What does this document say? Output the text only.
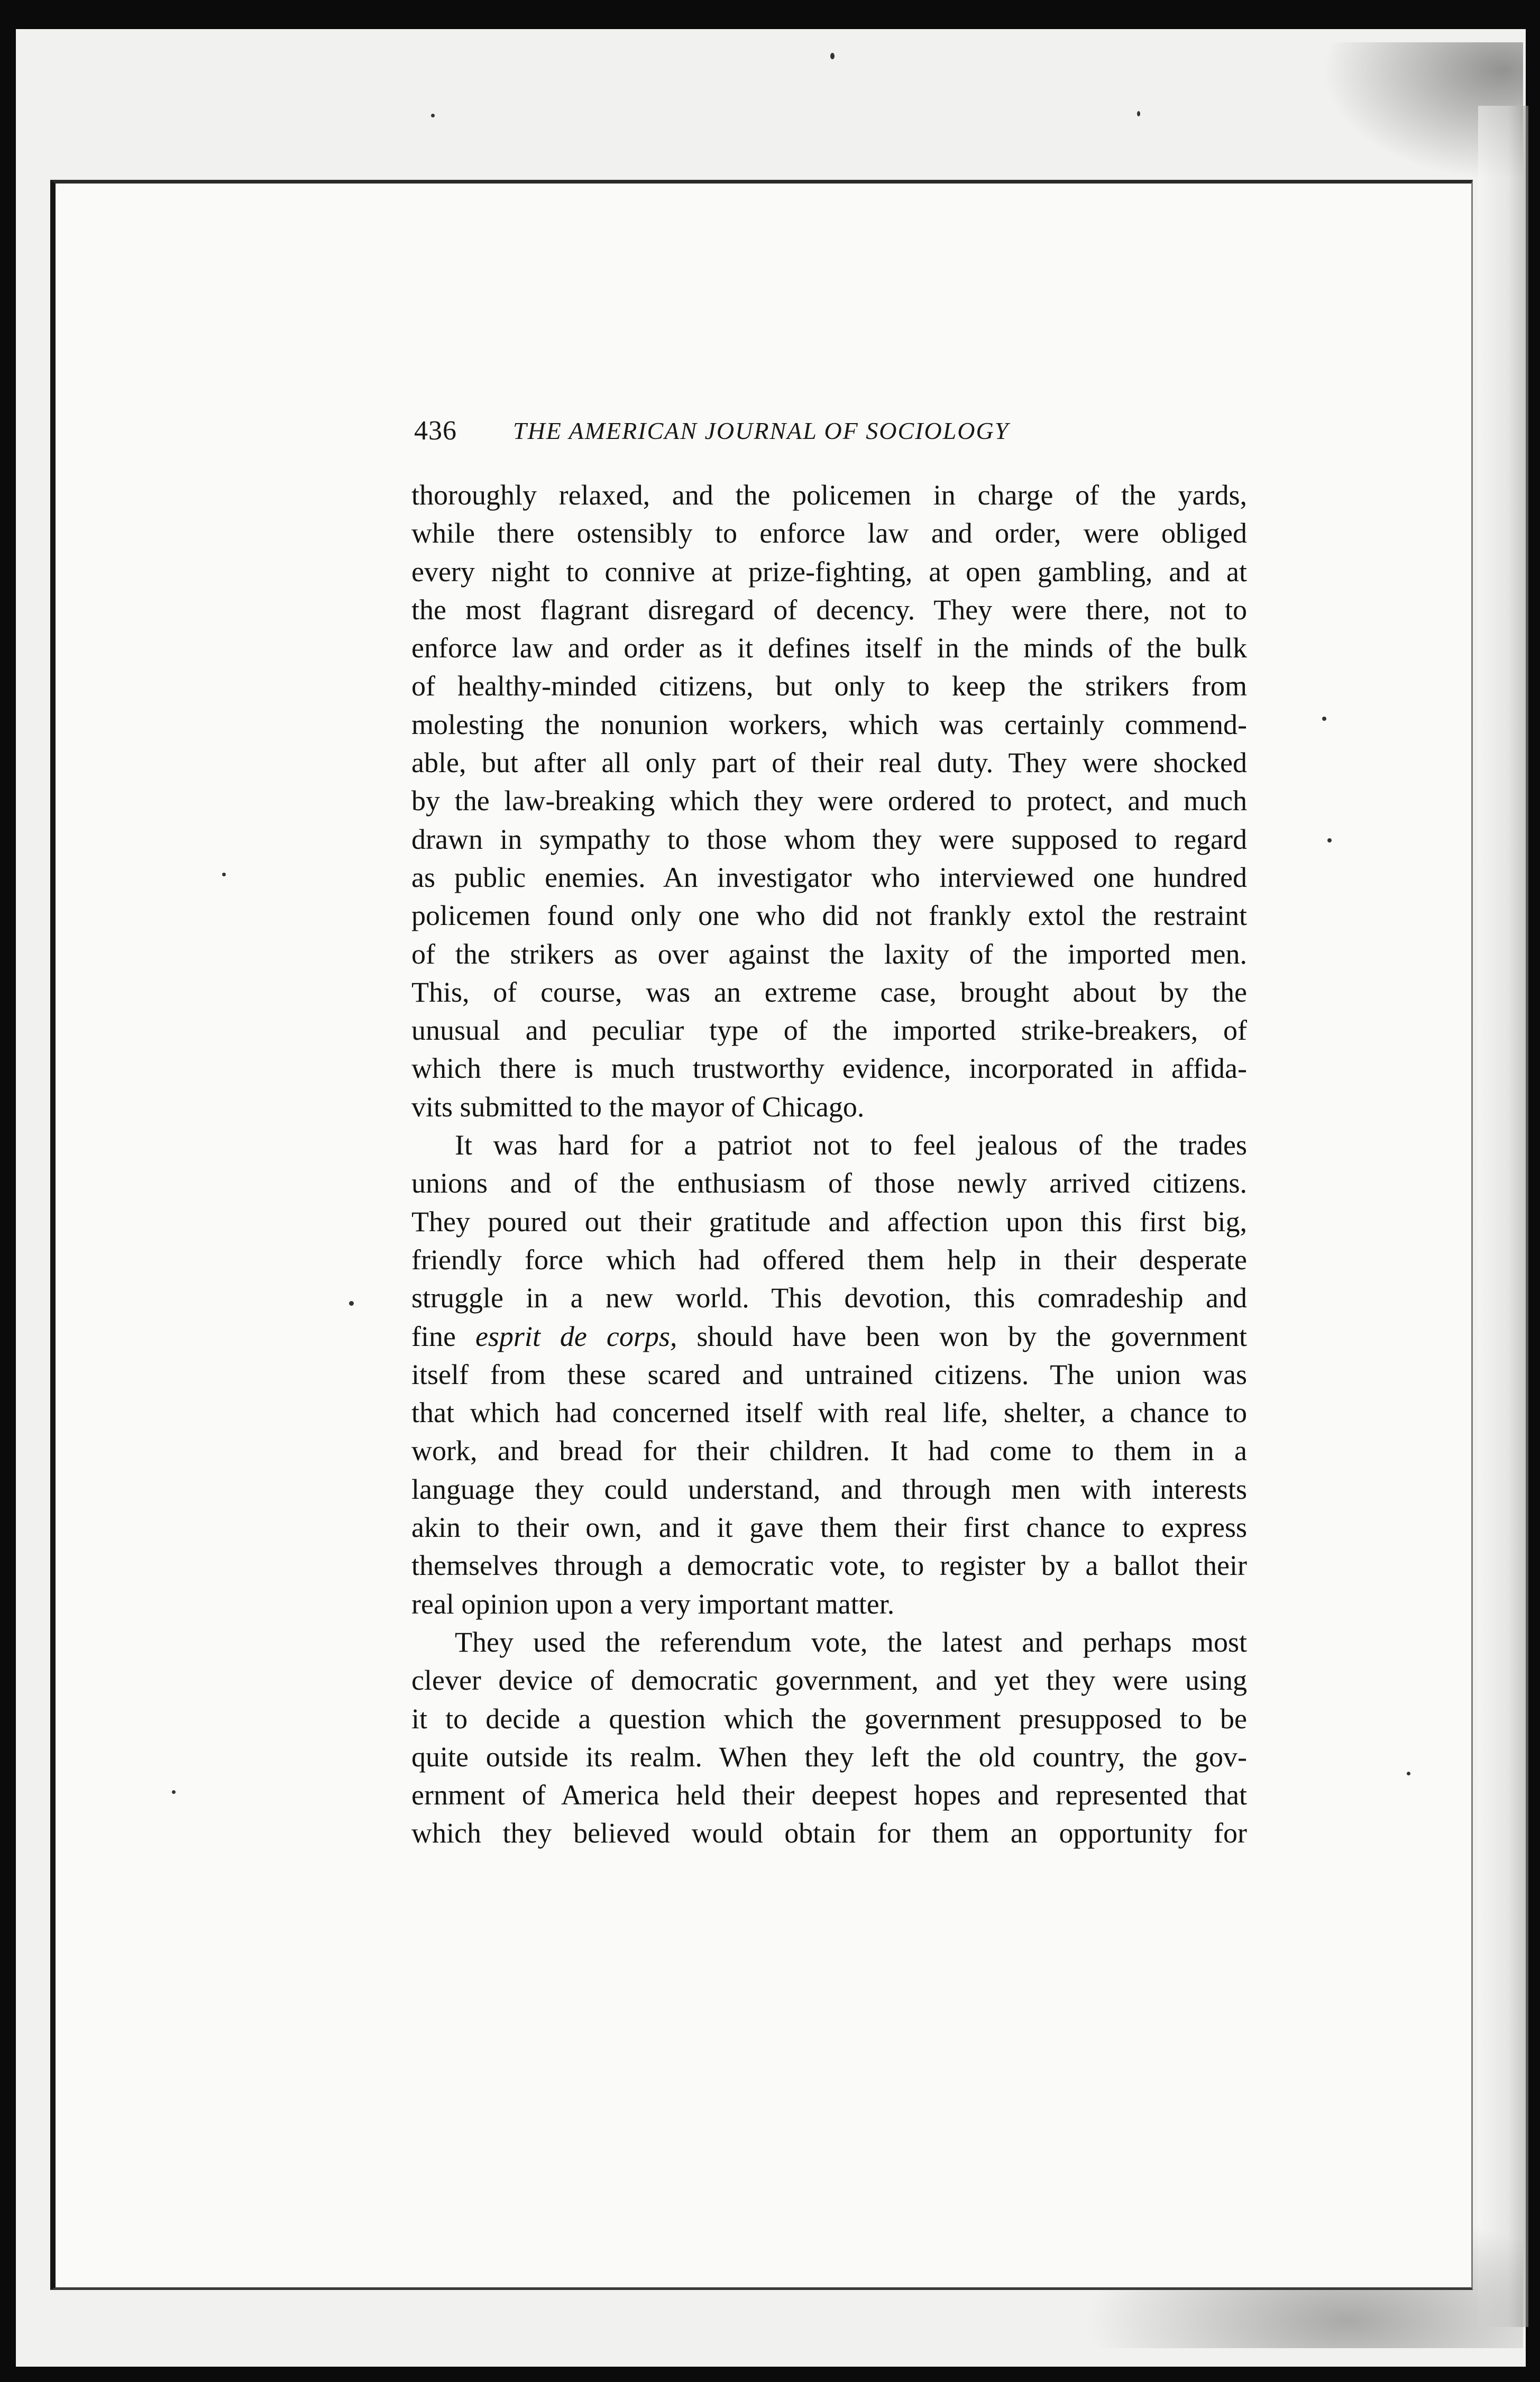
436 THE AMERICAN JOURNAL OF SOCIOLOGY
thoroughly relaxed, and the policemen in charge of the yards,
while there ostensibly to enforce law and order, were obliged
every night to connive at prize-fighting, at open gambling, and at
the most flagrant disregard of decency. They were there, not to
enforce law and order as it defines itself in the minds of the bulk
of healthy-minded citizens, but only to keep the strikers from
molesting the nonunion workers, which was certainly commend-
able, but after all only part of their real duty. They were shocked
by the law-breaking which they were ordered to protect, and much
drawn in sympathy to those whom they were supposed to regard
as public enemies. An investigator who interviewed one hundred
policemen found only one who did not frankly extol the restraint
of the strikers as over against the laxity of the imported men.
This, of course, was an extreme case, brought about by the
unusual and peculiar type of the imported strike-breakers, of
which there is much trustworthy evidence, incorporated in affida-
vits submitted to the mayor of Chicago.
It was hard for a patriot not to feel jealous of the trades
unions and of the enthusiasm of those newly arrived citizens.
They poured out their gratitude and affection upon this first big,
friendly force which had offered them help in their desperate
struggle in a new world. This devotion, this comradeship and
fine esprit de corps, should have been won by the government
itself from these scared and untrained citizens. The union was
that which had concerned itself with real life, shelter, a chance to
work, and bread for their children. It had come to them in a
language they could understand, and through men with interests
akin to their own, and it gave them their first chance to express
themselves through a democratic vote, to register by a ballot their
real opinion upon a very important matter.
They used the referendum vote, the latest and perhaps most
clever device of democratic government, and yet they were using
it to decide a question which the government presupposed to be
quite outside its realm. When they left the old country, the gov-
ernment of America held their deepest hopes and represented that
which they believed would obtain for them an opportunity for
